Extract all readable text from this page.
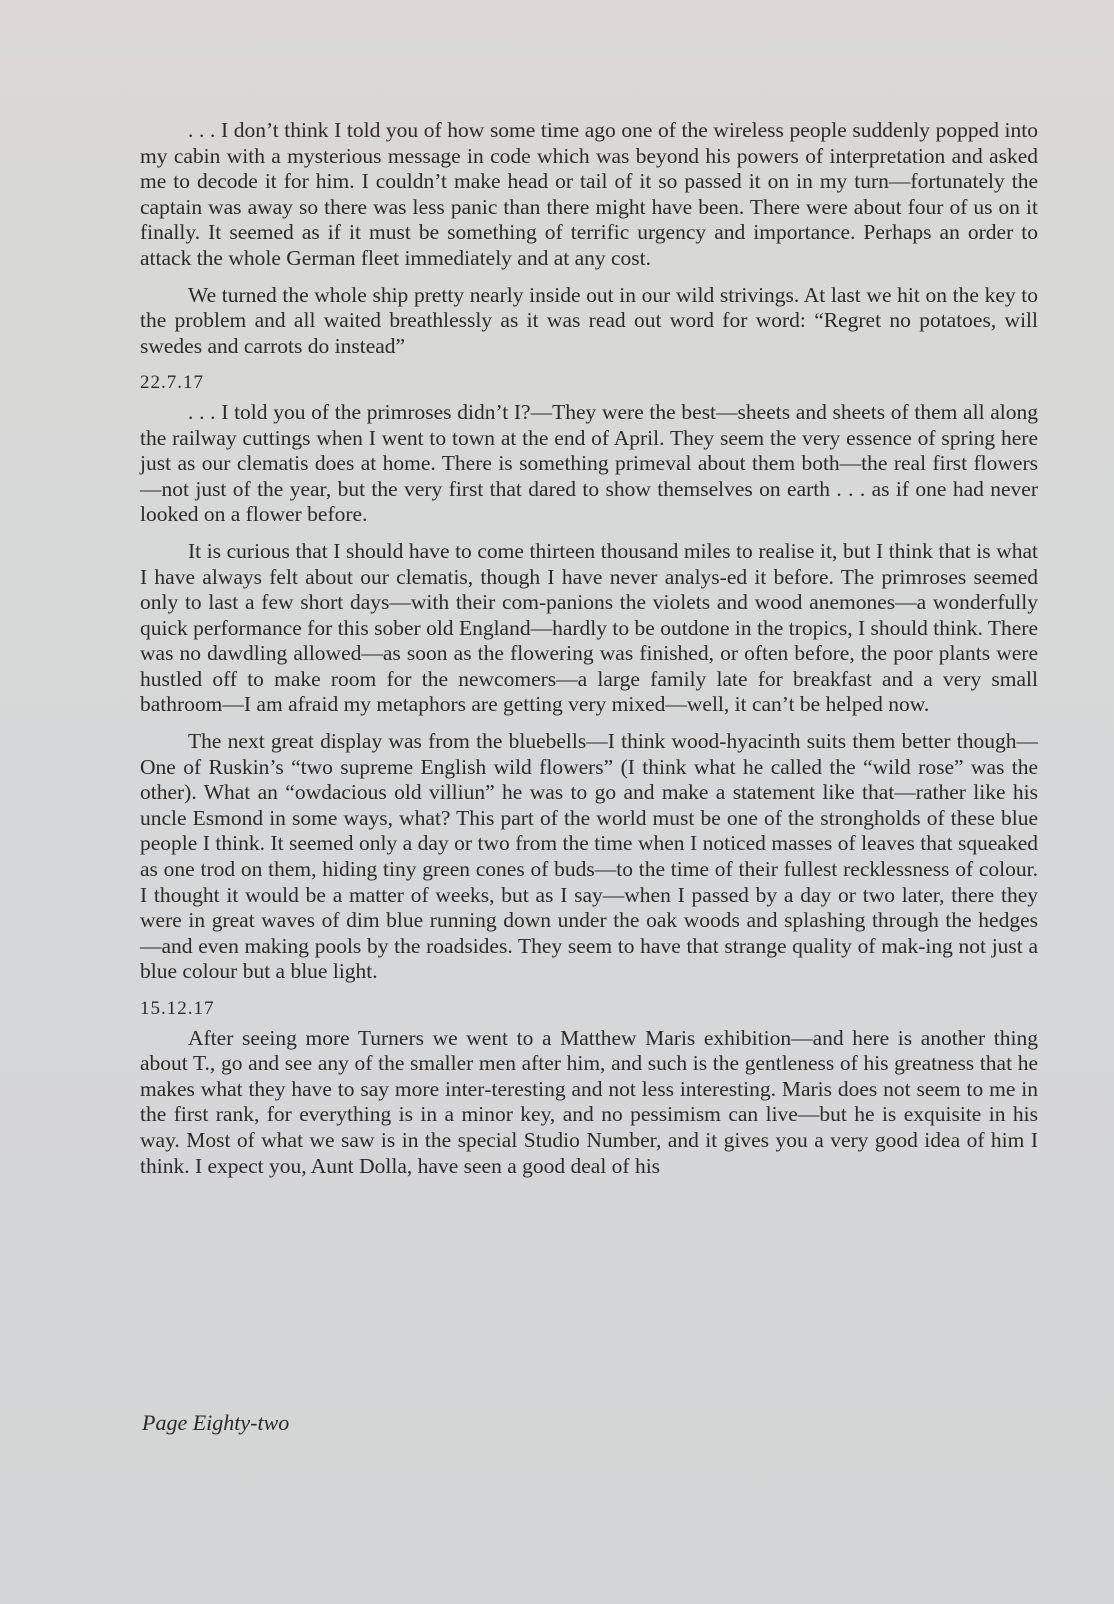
. . . I don’t think I told you of how some time ago one of the wireless people suddenly popped into my cabin with a mysterious message in code which was beyond his powers of interpretation and asked me to decode it for him. I couldn’t make head or tail of it so passed it on in my turn—fortunately the captain was away so there was less panic than there might have been. There were about four of us on it finally. It seemed as if it must be something of terrific urgency and importance. Perhaps an order to attack the whole German fleet immediately and at any cost.

We turned the whole ship pretty nearly inside out in our wild strivings. At last we hit on the key to the problem and all waited breathlessly as it was read out word for word: “Regret no potatoes, will swedes and carrots do instead”

22.7.17

. . . I told you of the primroses didn’t I?—They were the best—sheets and sheets of them all along the railway cuttings when I went to town at the end of April. They seem the very essence of spring here just as our clematis does at home. There is something primeval about them both—the real first flowers—not just of the year, but the very first that dared to show themselves on earth . . . as if one had never looked on a flower before.

It is curious that I should have to come thirteen thousand miles to realise it, but I think that is what I have always felt about our clematis, though I have never analys‑ed it before. The primroses seemed only to last a few short days—with their com‑panions the violets and wood anemones—a wonderfully quick performance for this sober old England—hardly to be outdone in the tropics, I should think. There was no dawdling allowed—as soon as the flowering was finished, or often before, the poor plants were hustled off to make room for the newcomers—a large family late for breakfast and a very small bathroom—I am afraid my metaphors are getting very mixed—well, it can’t be helped now.

The next great display was from the bluebells—I think wood‑hyacinth suits them better though—One of Ruskin’s “two supreme English wild flowers” (I think what he called the “wild rose” was the other). What an “owdacious old villiun” he was to go and make a statement like that—rather like his uncle Esmond in some ways, what? This part of the world must be one of the strongholds of these blue people I think. It seemed only a day or two from the time when I noticed masses of leaves that squeaked as one trod on them, hiding tiny green cones of buds—to the time of their fullest recklessness of colour. I thought it would be a matter of weeks, but as I say—when I passed by a day or two later, there they were in great waves of dim blue running down under the oak woods and splashing through the hedges—and even making pools by the roadsides. They seem to have that strange quality of mak‑ing not just a blue colour but a blue light.

15.12.17

After seeing more Turners we went to a Matthew Maris exhibition—and here is another thing about T., go and see any of the smaller men after him, and such is the gentleness of his greatness that he makes what they have to say more inter‑teresting and not less interesting. Maris does not seem to me in the first rank, for everything is in a minor key, and no pessimism can live—but he is exquisite in his way. Most of what we saw is in the special Studio Number, and it gives you a very good idea of him I think. I expect you, Aunt Dolla, have seen a good deal of his

Page Eighty‑two
